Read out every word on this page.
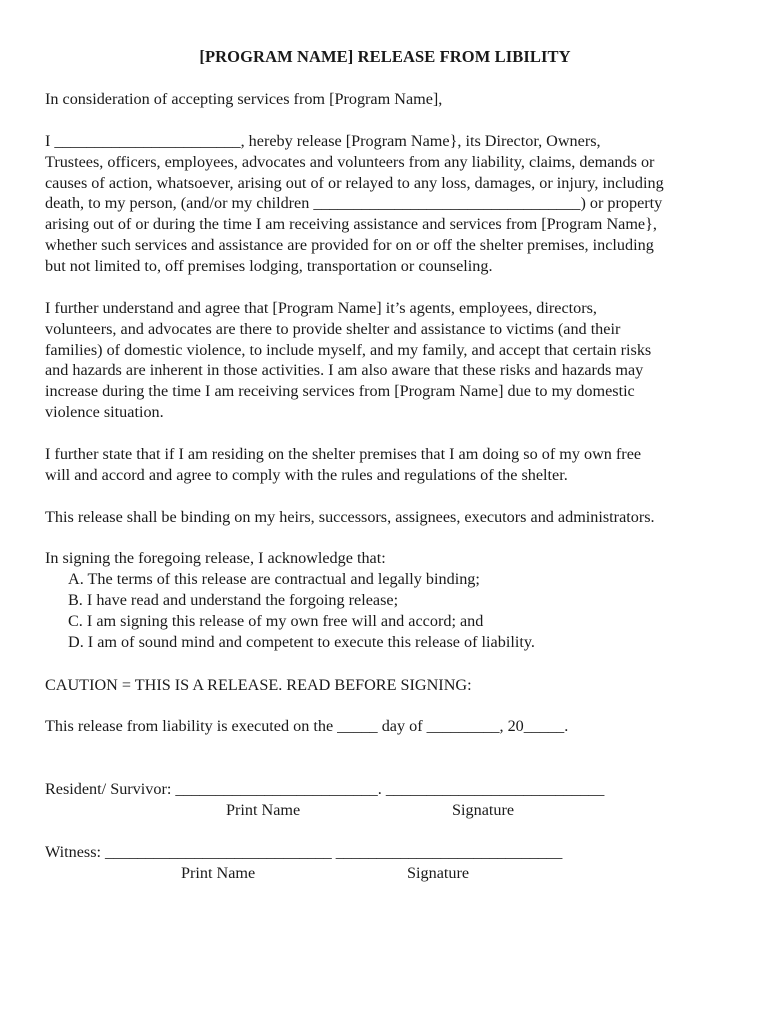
[PROGRAM NAME] RELEASE FROM LIBILITY
In consideration of accepting services from [Program Name],
I _______________________, hereby release [Program Name}, its Director, Owners,
Trustees, officers, employees, advocates and volunteers from any liability, claims, demands or
causes of action, whatsoever, arising out of or relayed to any loss, damages, or injury, including
death, to my person, (and/or my children _________________________________) or property
arising out of or during the time I am receiving assistance and services from [Program Name},
whether such services and assistance are provided for on or off the shelter premises, including
but not limited to, off premises lodging, transportation or counseling.
I further understand and agree that [Program Name] it’s agents, employees, directors,
volunteers, and advocates are there to provide shelter and assistance to victims (and their
families) of domestic violence, to include myself, and my family, and accept that certain risks
and hazards are inherent in those activities. I am also aware that these risks and hazards may
increase during the time I am receiving services from [Program Name] due to my domestic
violence situation.
I further state that if I am residing on the shelter premises that I am doing so of my own free
will and accord and agree to comply with the rules and regulations of the shelter.
This release shall be binding on my heirs, successors, assignees, executors and administrators.
In signing the foregoing release, I acknowledge that:
A. The terms of this release are contractual and legally binding;
B. I have read and understand the forgoing release;
C. I am signing this release of my own free will and accord; and
D. I am of sound mind and competent to execute this release of liability.
CAUTION = THIS IS A RELEASE. READ BEFORE SIGNING:
This release from liability is executed on the _____ day of _________, 20_____.
Resident/ Survivor: _________________________. ___________________________
Print Name	Signature
Witness: ____________________________ ____________________________
Print Name	Signature
